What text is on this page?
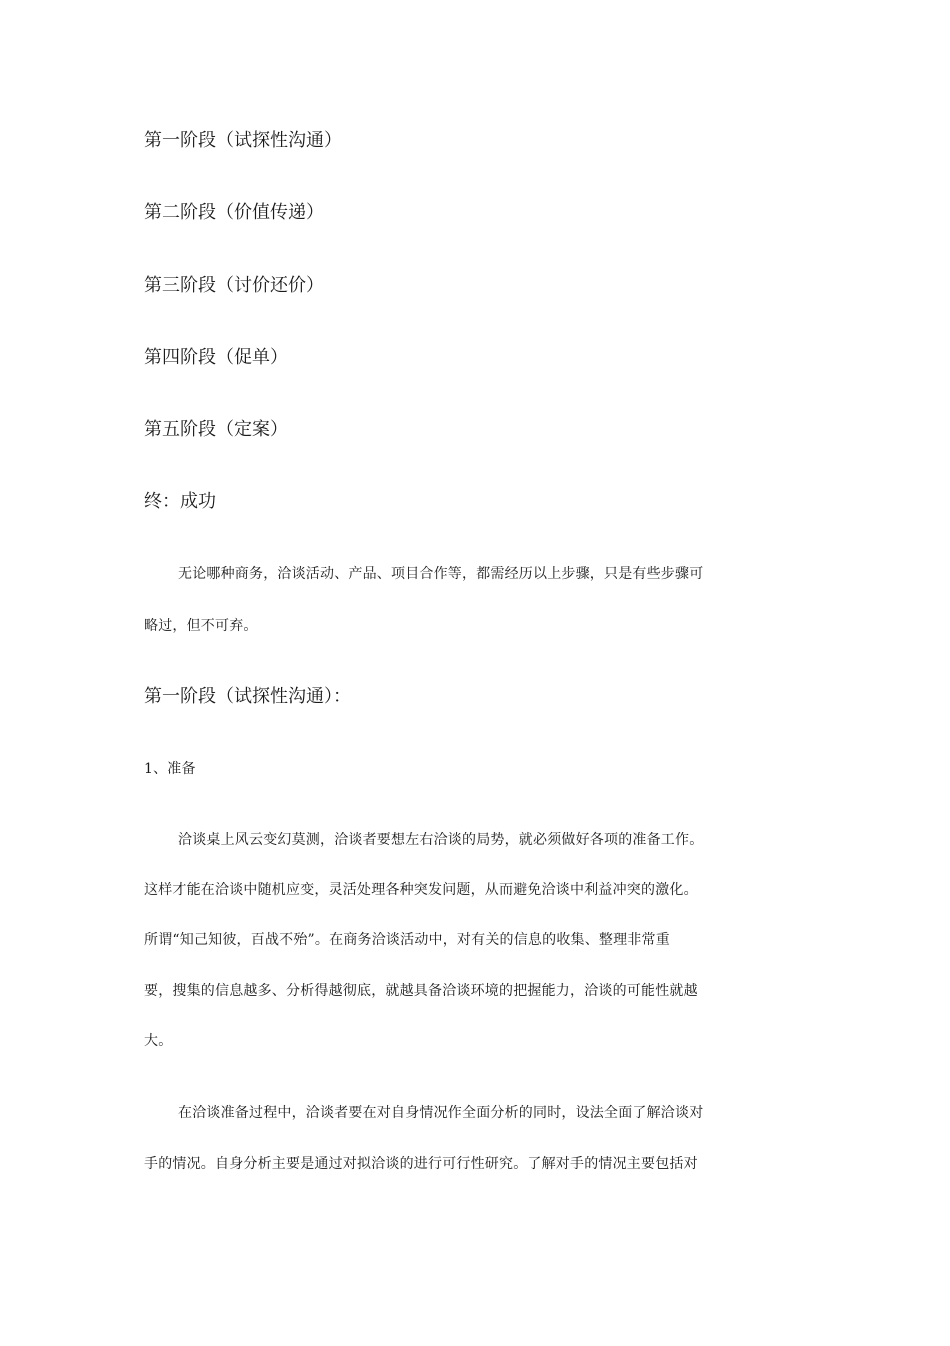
第一阶段（试探性沟通）
第二阶段（价值传递）
第三阶段（讨价还价）
第四阶段（促单）
第五阶段（定案）
终：成功
无论哪种商务，洽谈活动、产品、项目合作等，都需经历以上步骤，只是有些步骤可
略过，但不可弃。
第一阶段（试探性沟通）：
1、准备
洽谈桌上风云变幻莫测，洽谈者要想左右洽谈的局势，就必须做好各项的准备工作。
这样才能在洽谈中随机应变，灵活处理各种突发问题，从而避免洽谈中利益冲突的激化。
所谓“知己知彼，百战不殆”。在商务洽谈活动中，对有关的信息的收集、整理非常重
要，搜集的信息越多、分析得越彻底，就越具备洽谈环境的把握能力，洽谈的可能性就越
大。
在洽谈准备过程中，洽谈者要在对自身情况作全面分析的同时，设法全面了解洽谈对
手的情况。自身分析主要是通过对拟洽谈的进行可行性研究。了解对手的情况主要包括对
